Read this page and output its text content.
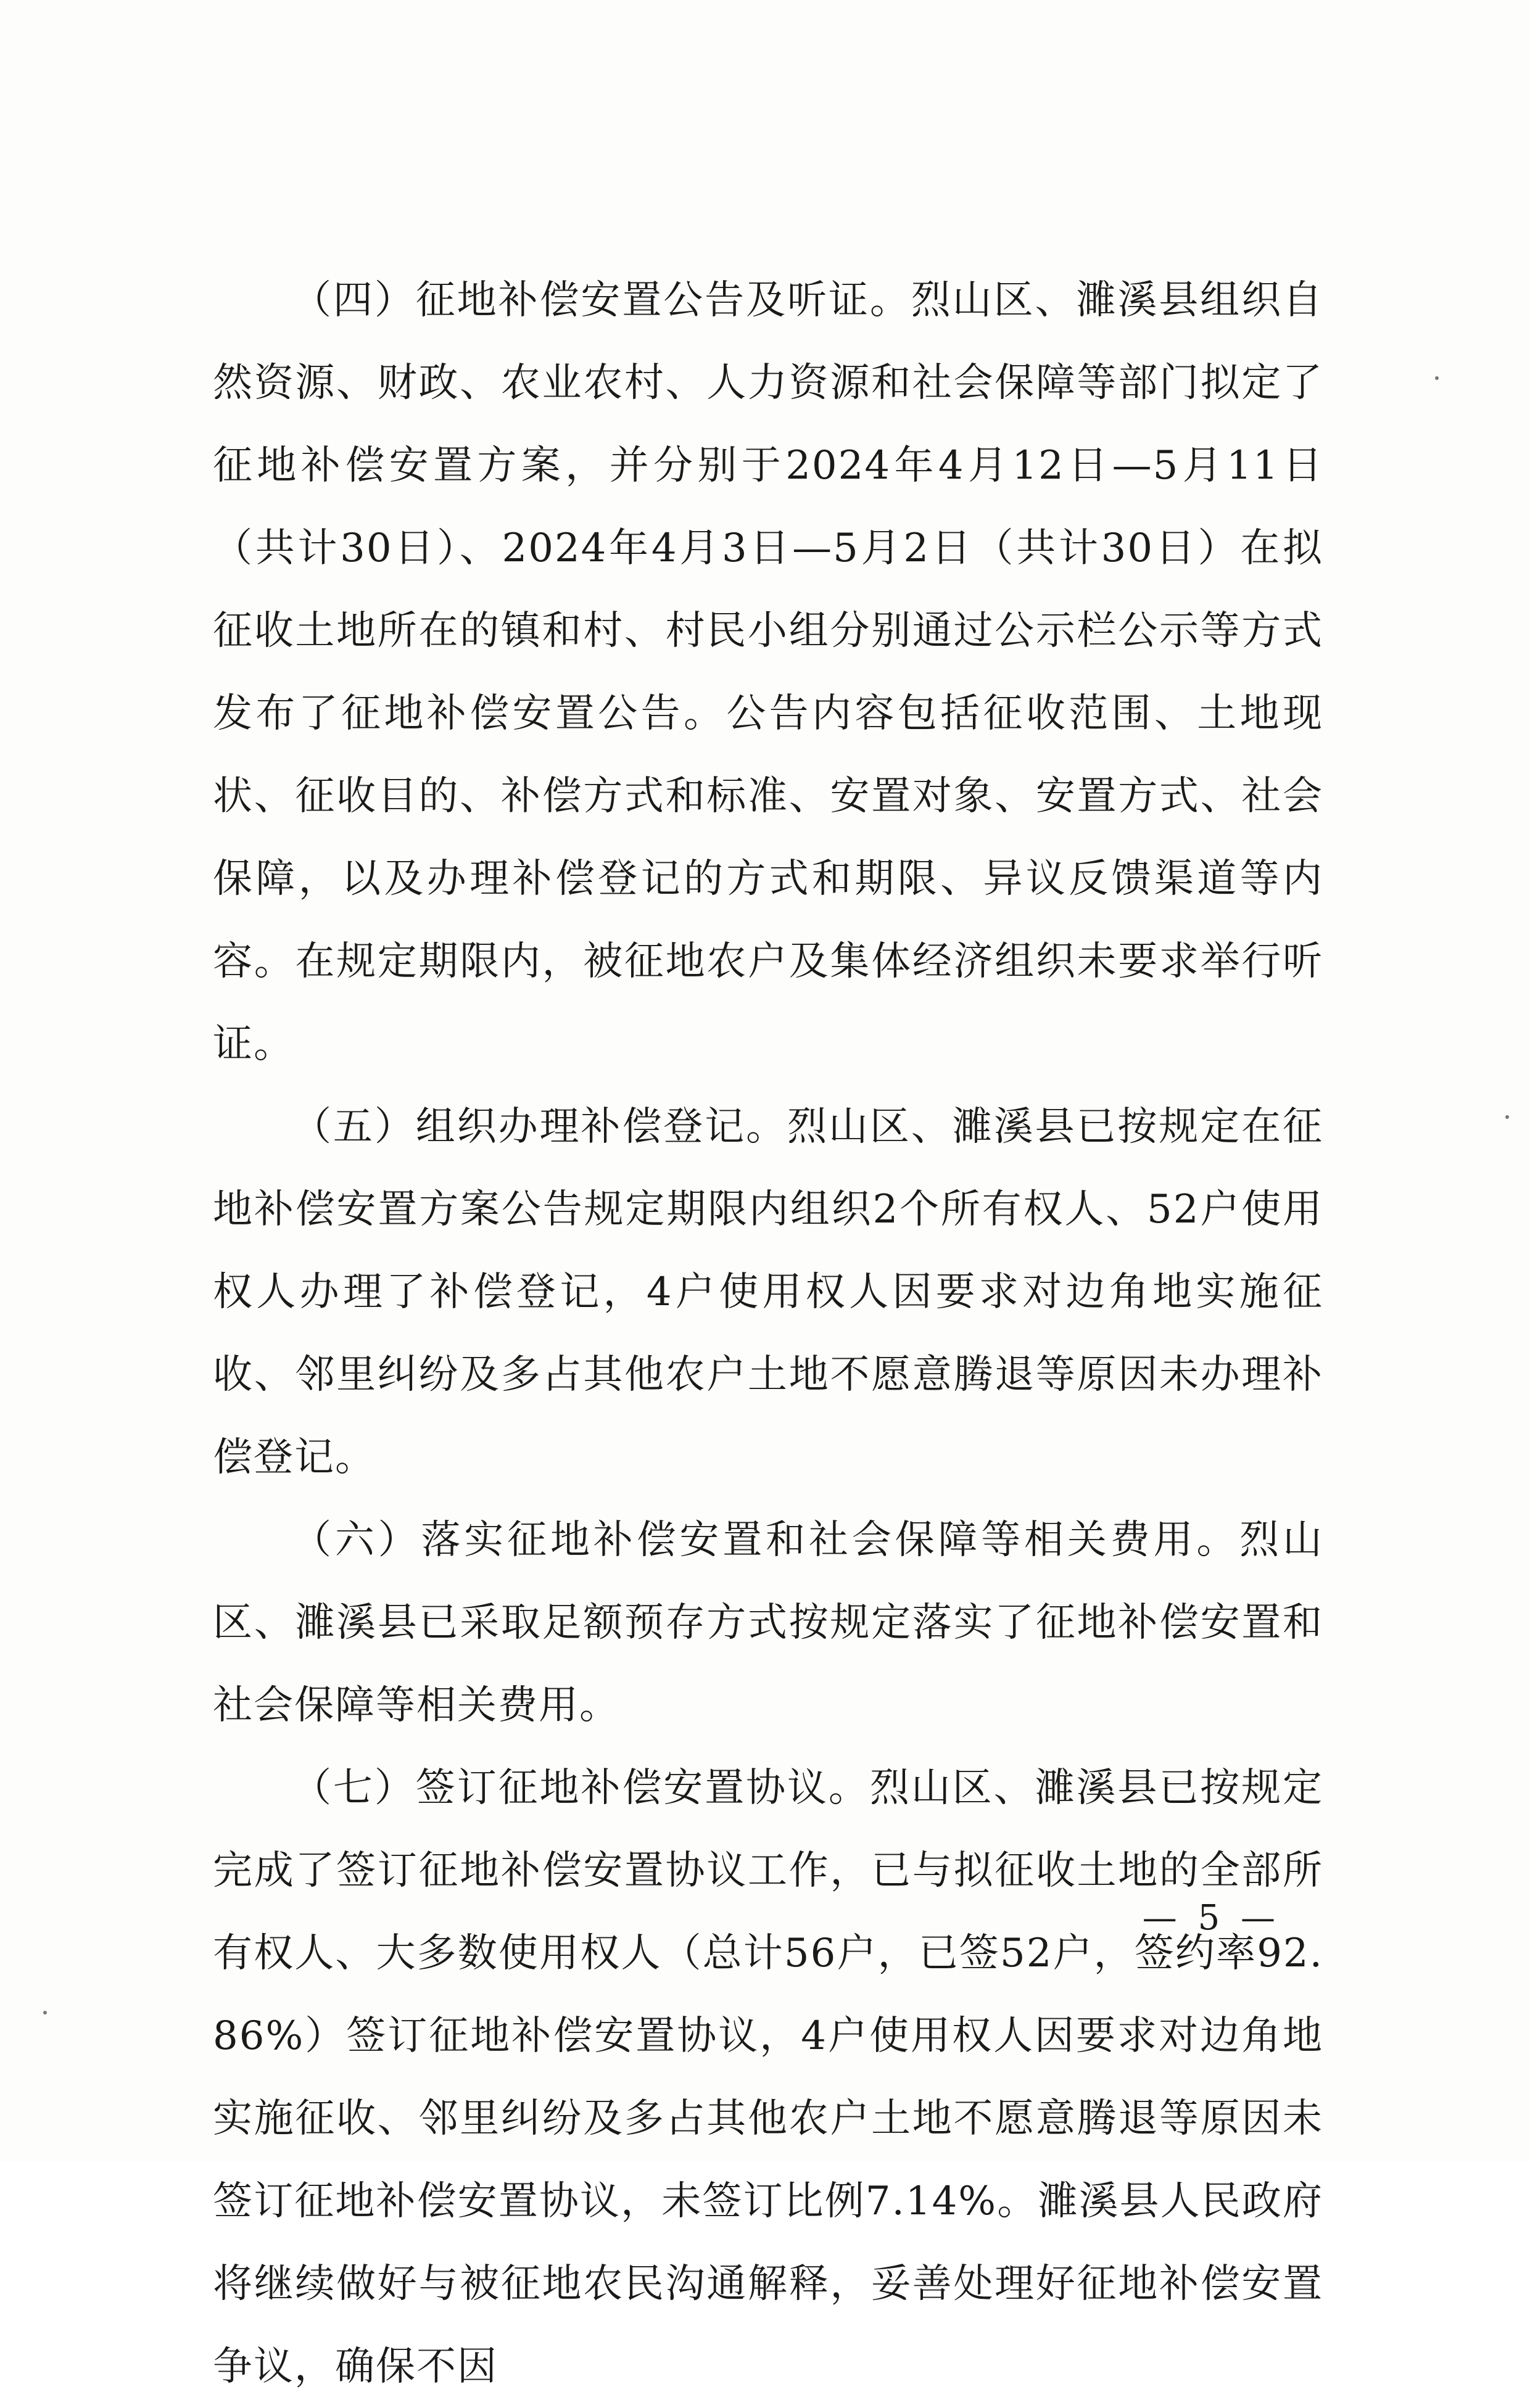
（四）征地补偿安置公告及听证。烈山区、濉溪县组织自然资源、财政、农业农村、人力资源和社会保障等部门拟定了征地补偿安置方案，并分别于2024年4月12日—5月11日（共计30日）、2024年4月3日—5月2日（共计30日）在拟征收土地所在的镇和村、村民小组分别通过公示栏公示等方式发布了征地补偿安置公告。公告内容包括征收范围、土地现状、征收目的、补偿方式和标准、安置对象、安置方式、社会保障，以及办理补偿登记的方式和期限、异议反馈渠道等内容。在规定期限内，被征地农户及集体经济组织未要求举行听证。

（五）组织办理补偿登记。烈山区、濉溪县已按规定在征地补偿安置方案公告规定期限内组织2个所有权人、52户使用权人办理了补偿登记，4户使用权人因要求对边角地实施征收、邻里纠纷及多占其他农户土地不愿意腾退等原因未办理补偿登记。

（六）落实征地补偿安置和社会保障等相关费用。烈山区、濉溪县已采取足额预存方式按规定落实了征地补偿安置和社会保障等相关费用。

（七）签订征地补偿安置协议。烈山区、濉溪县已按规定完成了签订征地补偿安置协议工作，已与拟征收土地的全部所有权人、大多数使用权人（总计56户，已签52户，签约率92.86%）签订征地补偿安置协议，4户使用权人因要求对边角地实施征收、邻里纠纷及多占其他农户土地不愿意腾退等原因未签订征地补偿安置协议，未签订比例7.14%。濉溪县人民政府将继续做好与被征地农民沟通解释，妥善处理好征地补偿安置争议，确保不因

— 5 —
